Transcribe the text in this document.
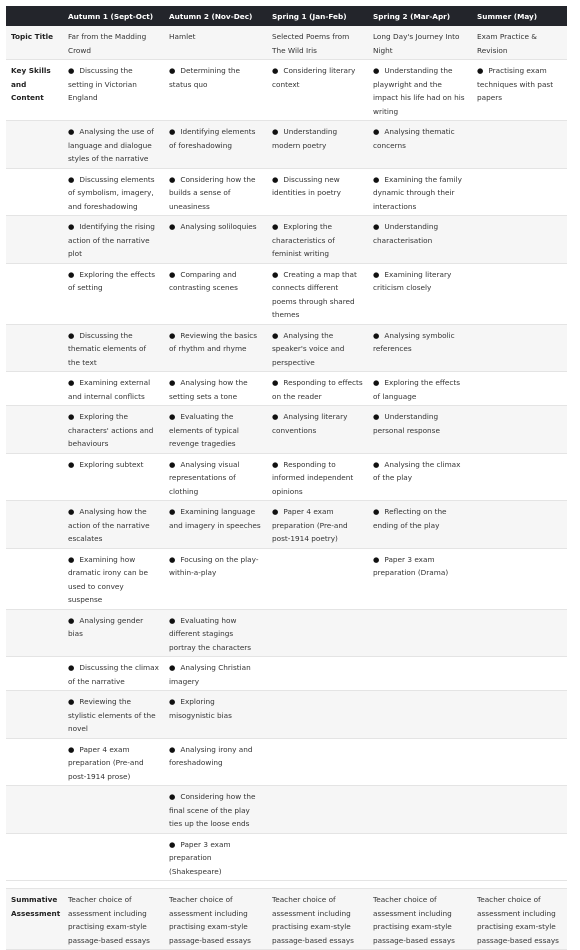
	Autumn 1 (Sept-Oct)	Autumn 2 (Nov-Dec)	Spring 1 (Jan-Feb)	Spring 2 (Mar-Apr)	Summer (May)
Topic Title	Far from the Madding Crowd	Hamlet	Selected Poems from The Wild Iris	Long Day's Journey Into Night	Exam Practice & Revision
Key Skills and Content	● Discussing the setting in Victorian England	● Determining the status quo	● Considering literary context	● Understanding the playwright and the impact his life had on his writing	● Practising exam techniques with past papers
	● Analysing the use of language and dialogue styles of the narrative	● Identifying elements of foreshadowing	● Understanding modern poetry	● Analysing thematic concerns	
	● Discussing elements of symbolism, imagery, and foreshadowing	● Considering how the builds a sense of uneasiness	● Discussing new identities in poetry	● Examining the family dynamic through their interactions	
	● Identifying the rising action of the narrative plot	● Analysing soliloquies	● Exploring the characteristics of feminist writing	● Understanding characterisation	
	● Exploring the effects of setting	● Comparing and contrasting scenes	● Creating a map that connects different poems through shared themes	● Examining literary criticism closely	
	● Discussing the thematic elements of the text	● Reviewing the basics of rhythm and rhyme	● Analysing the speaker's voice and perspective	● Analysing symbolic references	
	● Examining external and internal conflicts	● Analysing how the setting sets a tone	● Responding to effects on the reader	● Exploring the effects of language	
	● Exploring the characters' actions and behaviours	● Evaluating the elements of typical revenge tragedies	● Analysing literary conventions	● Understanding personal response	
	● Exploring subtext	● Analysing visual representations of clothing	● Responding to informed independent opinions	● Analysing the climax of the play	
	● Analysing how the action of the narrative escalates	● Examining language and imagery in speeches	● Paper 4 exam preparation (Pre-and post-1914 poetry)	● Reflecting on the ending of the play	
	● Examining how dramatic irony can be used to convey suspense	● Focusing on the play-within-a-play		● Paper 3 exam preparation (Drama)	
	● Analysing gender bias	● Evaluating how different stagings portray the characters			
	● Discussing the climax of the narrative	● Analysing Christian imagery			
	● Reviewing the stylistic elements of the novel	● Exploring misogynistic bias			
	● Paper 4 exam preparation (Pre-and post-1914 prose)	● Analysing irony and foreshadowing			
		● Considering how the final scene of the play ties up the loose ends			
		● Paper 3 exam preparation (Shakespeare)			

Summative Assessment	Teacher choice of assessment including practising exam-style passage-based essays	Teacher choice of assessment including practising exam-style passage-based essays	Teacher choice of assessment including practising exam-style passage-based essays	Teacher choice of assessment including practising exam-style passage-based essays	Teacher choice of assessment including practising exam-style passage-based essays
